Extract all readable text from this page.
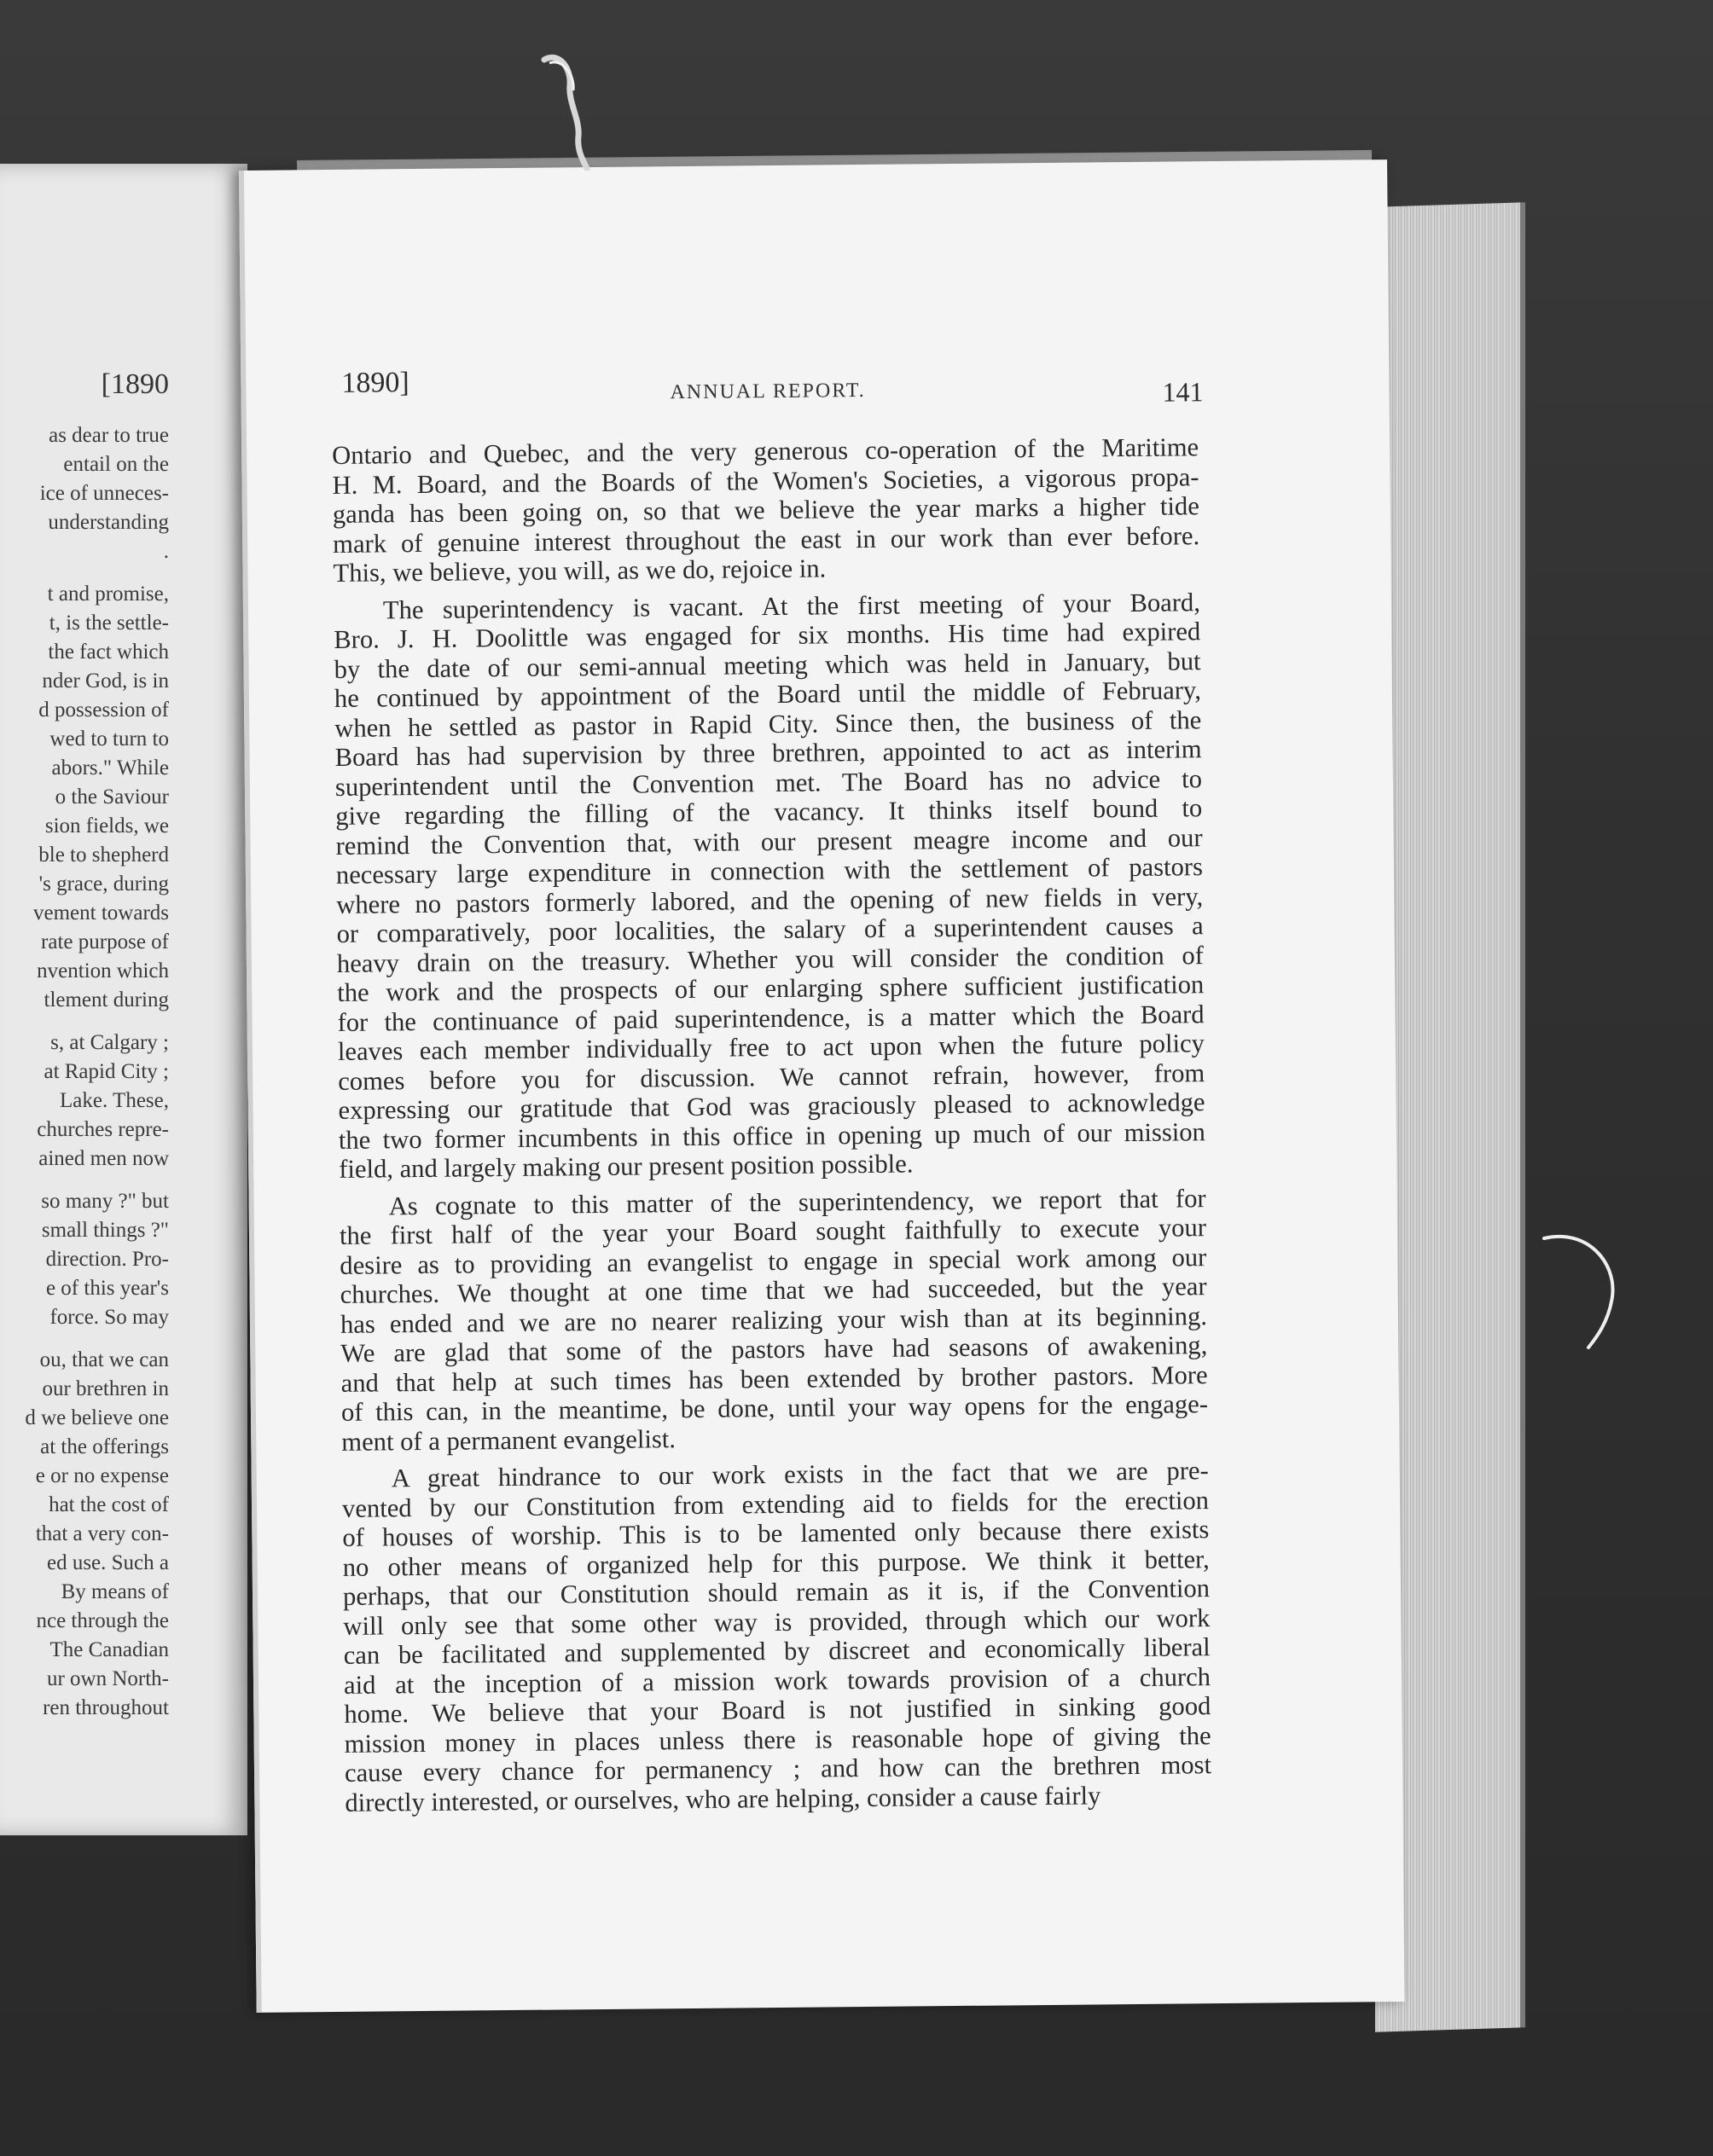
[1890
as dear to true
entail on the
ice of unneces-
understanding
.
t and promise,
t, is the settle-
the fact which
nder God, is in
d possession of
wed to turn to
abors." While
o the Saviour
sion fields, we
ble to shepherd
's grace, during
vement towards
rate purpose of
nvention which
tlement during
s, at Calgary ;
at Rapid City ;
Lake. These,
churches repre-
ained men now
so many ?" but
small things ?"
direction. Pro-
e of this year's
force. So may
ou, that we can
our brethren in
d we believe one
at the offerings
e or no expense
hat the cost of
that a very con-
ed use. Such a
By means of
nce through the
The Canadian
ur own North-
ren throughout
1890]	ANNUAL REPORT.	141
Ontario and Quebec, and the very generous co-operation of the Maritime
H. M. Board, and the Boards of the Women's Societies, a vigorous propa-
ganda has been going on, so that we believe the year marks a higher tide
mark of genuine interest throughout the east in our work than ever before.
This, we believe, you will, as we do, rejoice in.
The superintendency is vacant. At the first meeting of your Board,
Bro. J. H. Doolittle was engaged for six months. His time had expired
by the date of our semi-annual meeting which was held in January, but
he continued by appointment of the Board until the middle of February,
when he settled as pastor in Rapid City. Since then, the business of the
Board has had supervision by three brethren, appointed to act as interim
superintendent until the Convention met. The Board has no advice to
give regarding the filling of the vacancy. It thinks itself bound to
remind the Convention that, with our present meagre income and our
necessary large expenditure in connection with the settlement of pastors
where no pastors formerly labored, and the opening of new fields in very,
or comparatively, poor localities, the salary of a superintendent causes a
heavy drain on the treasury. Whether you will consider the condition of
the work and the prospects of our enlarging sphere sufficient justification
for the continuance of paid superintendence, is a matter which the Board
leaves each member individually free to act upon when the future policy
comes before you for discussion. We cannot refrain, however, from
expressing our gratitude that God was graciously pleased to acknowledge
the two former incumbents in this office in opening up much of our mission
field, and largely making our present position possible.
As cognate to this matter of the superintendency, we report that for
the first half of the year your Board sought faithfully to execute your
desire as to providing an evangelist to engage in special work among our
churches. We thought at one time that we had succeeded, but the year
has ended and we are no nearer realizing your wish than at its beginning.
We are glad that some of the pastors have had seasons of awakening,
and that help at such times has been extended by brother pastors. More
of this can, in the meantime, be done, until your way opens for the engage-
ment of a permanent evangelist.
A great hindrance to our work exists in the fact that we are pre-
vented by our Constitution from extending aid to fields for the erection
of houses of worship. This is to be lamented only because there exists
no other means of organized help for this purpose. We think it better,
perhaps, that our Constitution should remain as it is, if the Convention
will only see that some other way is provided, through which our work
can be facilitated and supplemented by discreet and economically liberal
aid at the inception of a mission work towards provision of a church
home. We believe that your Board is not justified in sinking good
mission money in places unless there is reasonable hope of giving the
cause every chance for permanency ; and how can the brethren most
directly interested, or ourselves, who are helping, consider a cause fairly
